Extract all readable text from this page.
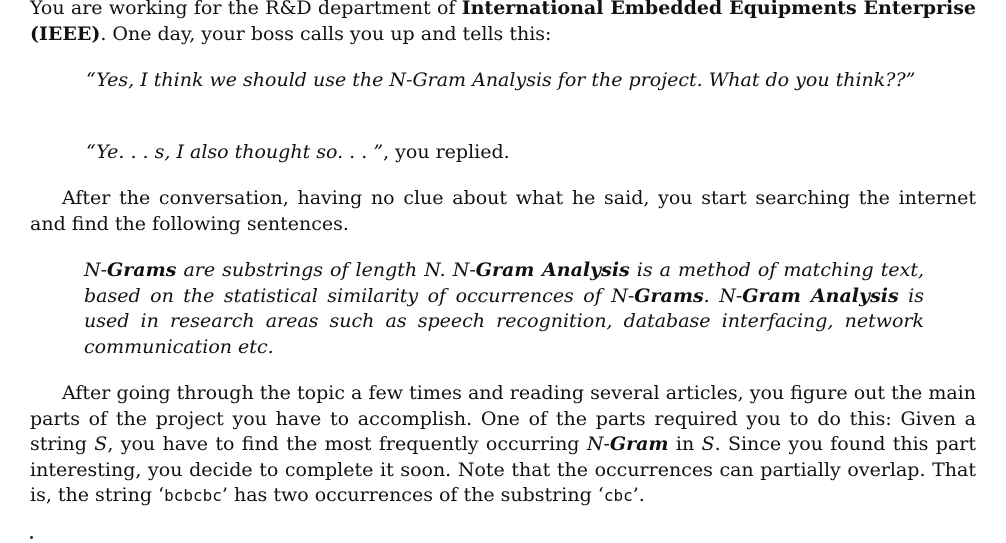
You are working for the R&D department of International Embedded Equipments Enterprise (IEEE). One day, your boss calls you up and tells this:

“Yes, I think we should use the N-Gram Analysis for the project. What do you think??”

“Ye. . . s, I also thought so. . . ”, you replied.

After the conversation, having no clue about what he said, you start searching the internet and find the following sentences.

N-Grams are substrings of length N. N-Gram Analysis is a method of matching text, based on the statistical similarity of occurrences of N-Grams. N-Gram Analysis is used in research areas such as speech recognition, database interfacing, network communication etc.

After going through the topic a few times and reading several articles, you figure out the main parts of the project you have to accomplish. One of the parts required you to do this: Given a string S, you have to find the most frequently occurring N-Gram in S. Since you found this part interesting, you decide to complete it soon. Note that the occurrences can partially overlap. That is, the string ‘bcbcbc’ has two occurrences of the substring ‘cbc’.
